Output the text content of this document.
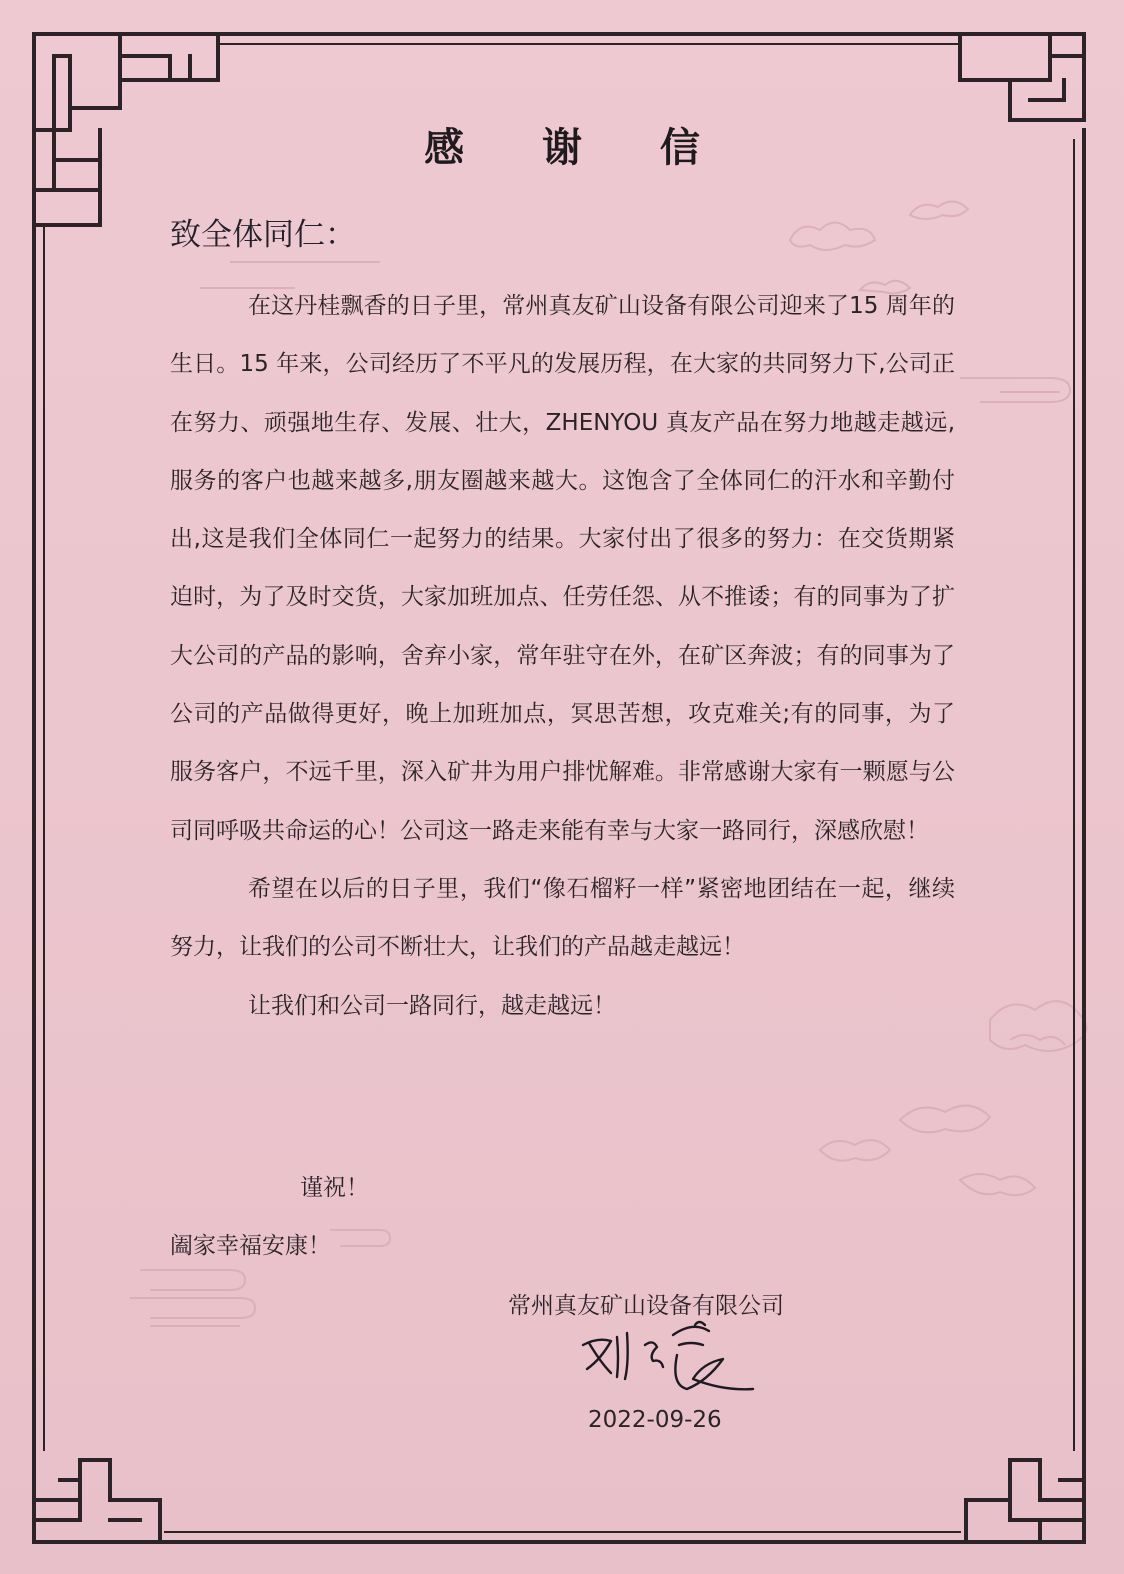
感 谢 信
致全体同仁：

在这丹桂飘香的日子里，常州真友矿山设备有限公司迎来了15 周年的生日。15 年来，公司经历了不平凡的发展历程，在大家的共同努力下,公司正在努力、顽强地生存、发展、壮大，ZHENYOU 真友产品在努力地越走越远,服务的客户也越来越多,朋友圈越来越大。这饱含了全体同仁的汗水和辛勤付出,这是我们全体同仁一起努力的结果。大家付出了很多的努力：在交货期紧迫时，为了及时交货，大家加班加点、任劳任怨、从不推诿；有的同事为了扩大公司的产品的影响，舍弃小家，常年驻守在外，在矿区奔波；有的同事为了公司的产品做得更好，晚上加班加点，冥思苦想，攻克难关;有的同事，为了服务客户，不远千里，深入矿井为用户排忧解难。非常感谢大家有一颗愿与公司同呼吸共命运的心！公司这一路走来能有幸与大家一路同行，深感欣慰！

希望在以后的日子里，我们“像石榴籽一样”紧密地团结在一起，继续努力，让我们的公司不断壮大，让我们的产品越走越远！

让我们和公司一路同行，越走越远！

谨祝！
阖家幸福安康！
常州真友矿山设备有限公司
2022-09-26
